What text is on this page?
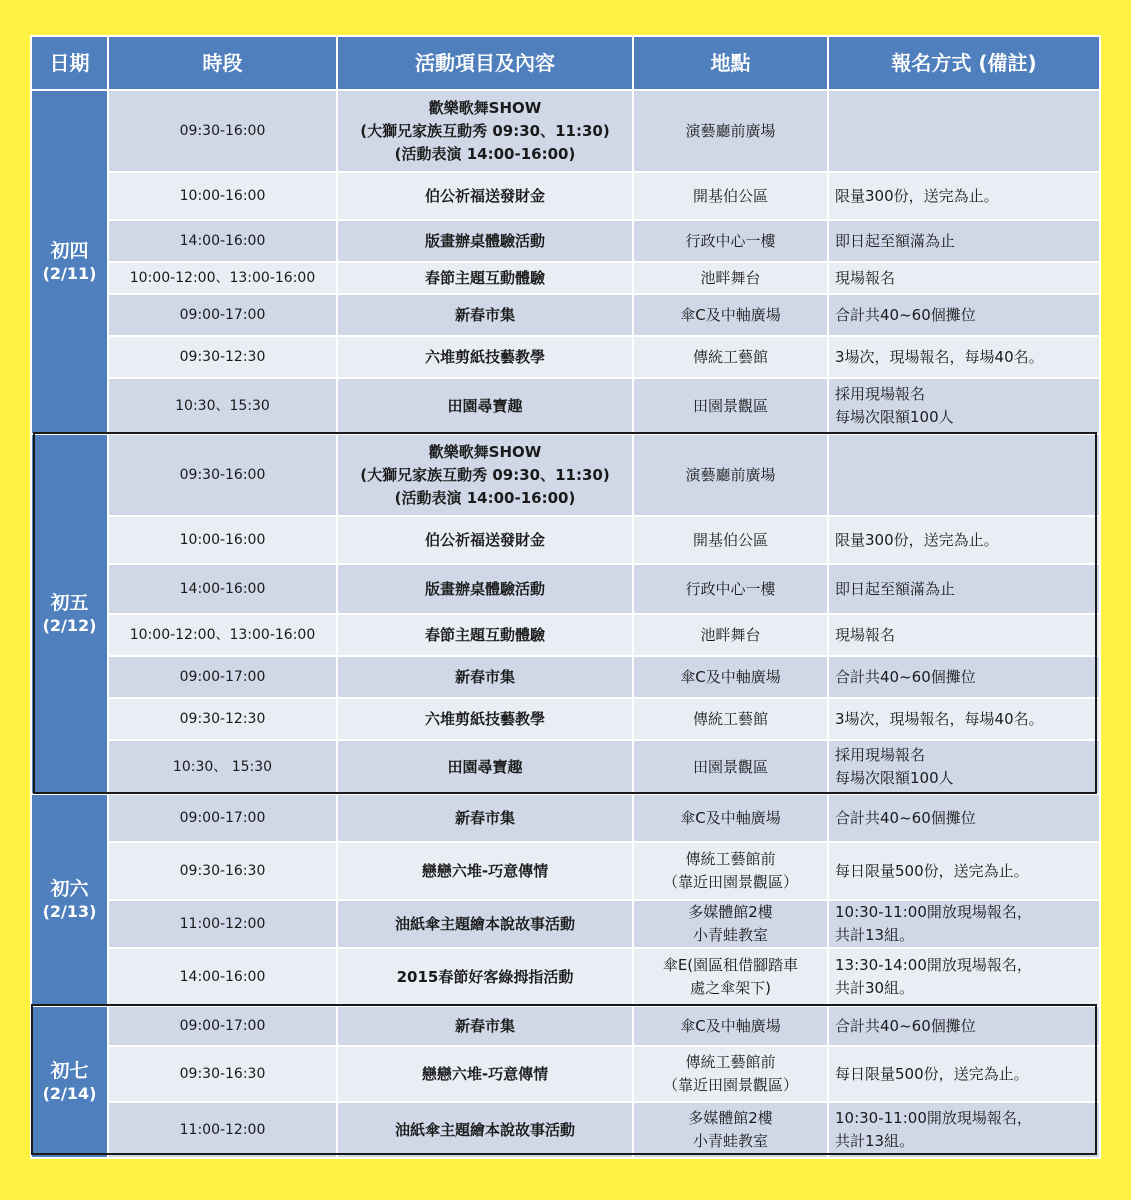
日期	時段	活動項目及內容	地點	報名方式 (備註)

初四
(2/11)	09:30-16:00	歡樂歌舞SHOW
(大獅兄家族互動秀 09:30、11:30)
(活動表演 14:00-16:00)	演藝廳前廣場	

	10:00-16:00	伯公祈福送發財金	開基伯公區	限量300份，送完為止。

	14:00-16:00	版畫辦桌體驗活動	行政中心一樓	即日起至額滿為止

	10:00-12:00、13:00-16:00	春節主題互動體驗	池畔舞台	現場報名

	09:00-17:00	新春市集	傘C及中軸廣場	合計共40~60個攤位

	09:30-12:30	六堆剪紙技藝教學	傳統工藝館	3場次，現場報名，每場40名。

	10:30、15:30	田園尋寶趣	田園景觀區	採用現場報名
每場次限額100人

初五
(2/12)	09:30-16:00	歡樂歌舞SHOW
(大獅兄家族互動秀 09:30、11:30)
(活動表演 14:00-16:00)	演藝廳前廣場	

	10:00-16:00	伯公祈福送發財金	開基伯公區	限量300份，送完為止。

	14:00-16:00	版畫辦桌體驗活動	行政中心一樓	即日起至額滿為止

	10:00-12:00、13:00-16:00	春節主題互動體驗	池畔舞台	現場報名

	09:00-17:00	新春市集	傘C及中軸廣場	合計共40~60個攤位

	09:30-12:30	六堆剪紙技藝教學	傳統工藝館	3場次，現場報名，每場40名。

	10:30、 15:30	田園尋寶趣	田園景觀區	採用現場報名
每場次限額100人

初六
(2/13)	09:00-17:00	新春市集	傘C及中軸廣場	合計共40~60個攤位

	09:30-16:30	戀戀六堆-巧意傳情	傳統工藝館前
（靠近田園景觀區）	每日限量500份，送完為止。

	11:00-12:00	油紙傘主題繪本說故事活動	多媒體館2樓
小青蛙教室	10:30-11:00開放現場報名，
共計13組。

	14:00-16:00	2015春節好客綠拇指活動	傘E(園區租借腳踏車
處之傘架下)	13:30-14:00開放現場報名，
共計30組。

初七
(2/14)	09:00-17:00	新春市集	傘C及中軸廣場	合計共40~60個攤位

	09:30-16:30	戀戀六堆-巧意傳情	傳統工藝館前
（靠近田園景觀區）	每日限量500份，送完為止。

	11:00-12:00	油紙傘主題繪本說故事活動	多媒體館2樓
小青蛙教室	10:30-11:00開放現場報名，
共計13組。
